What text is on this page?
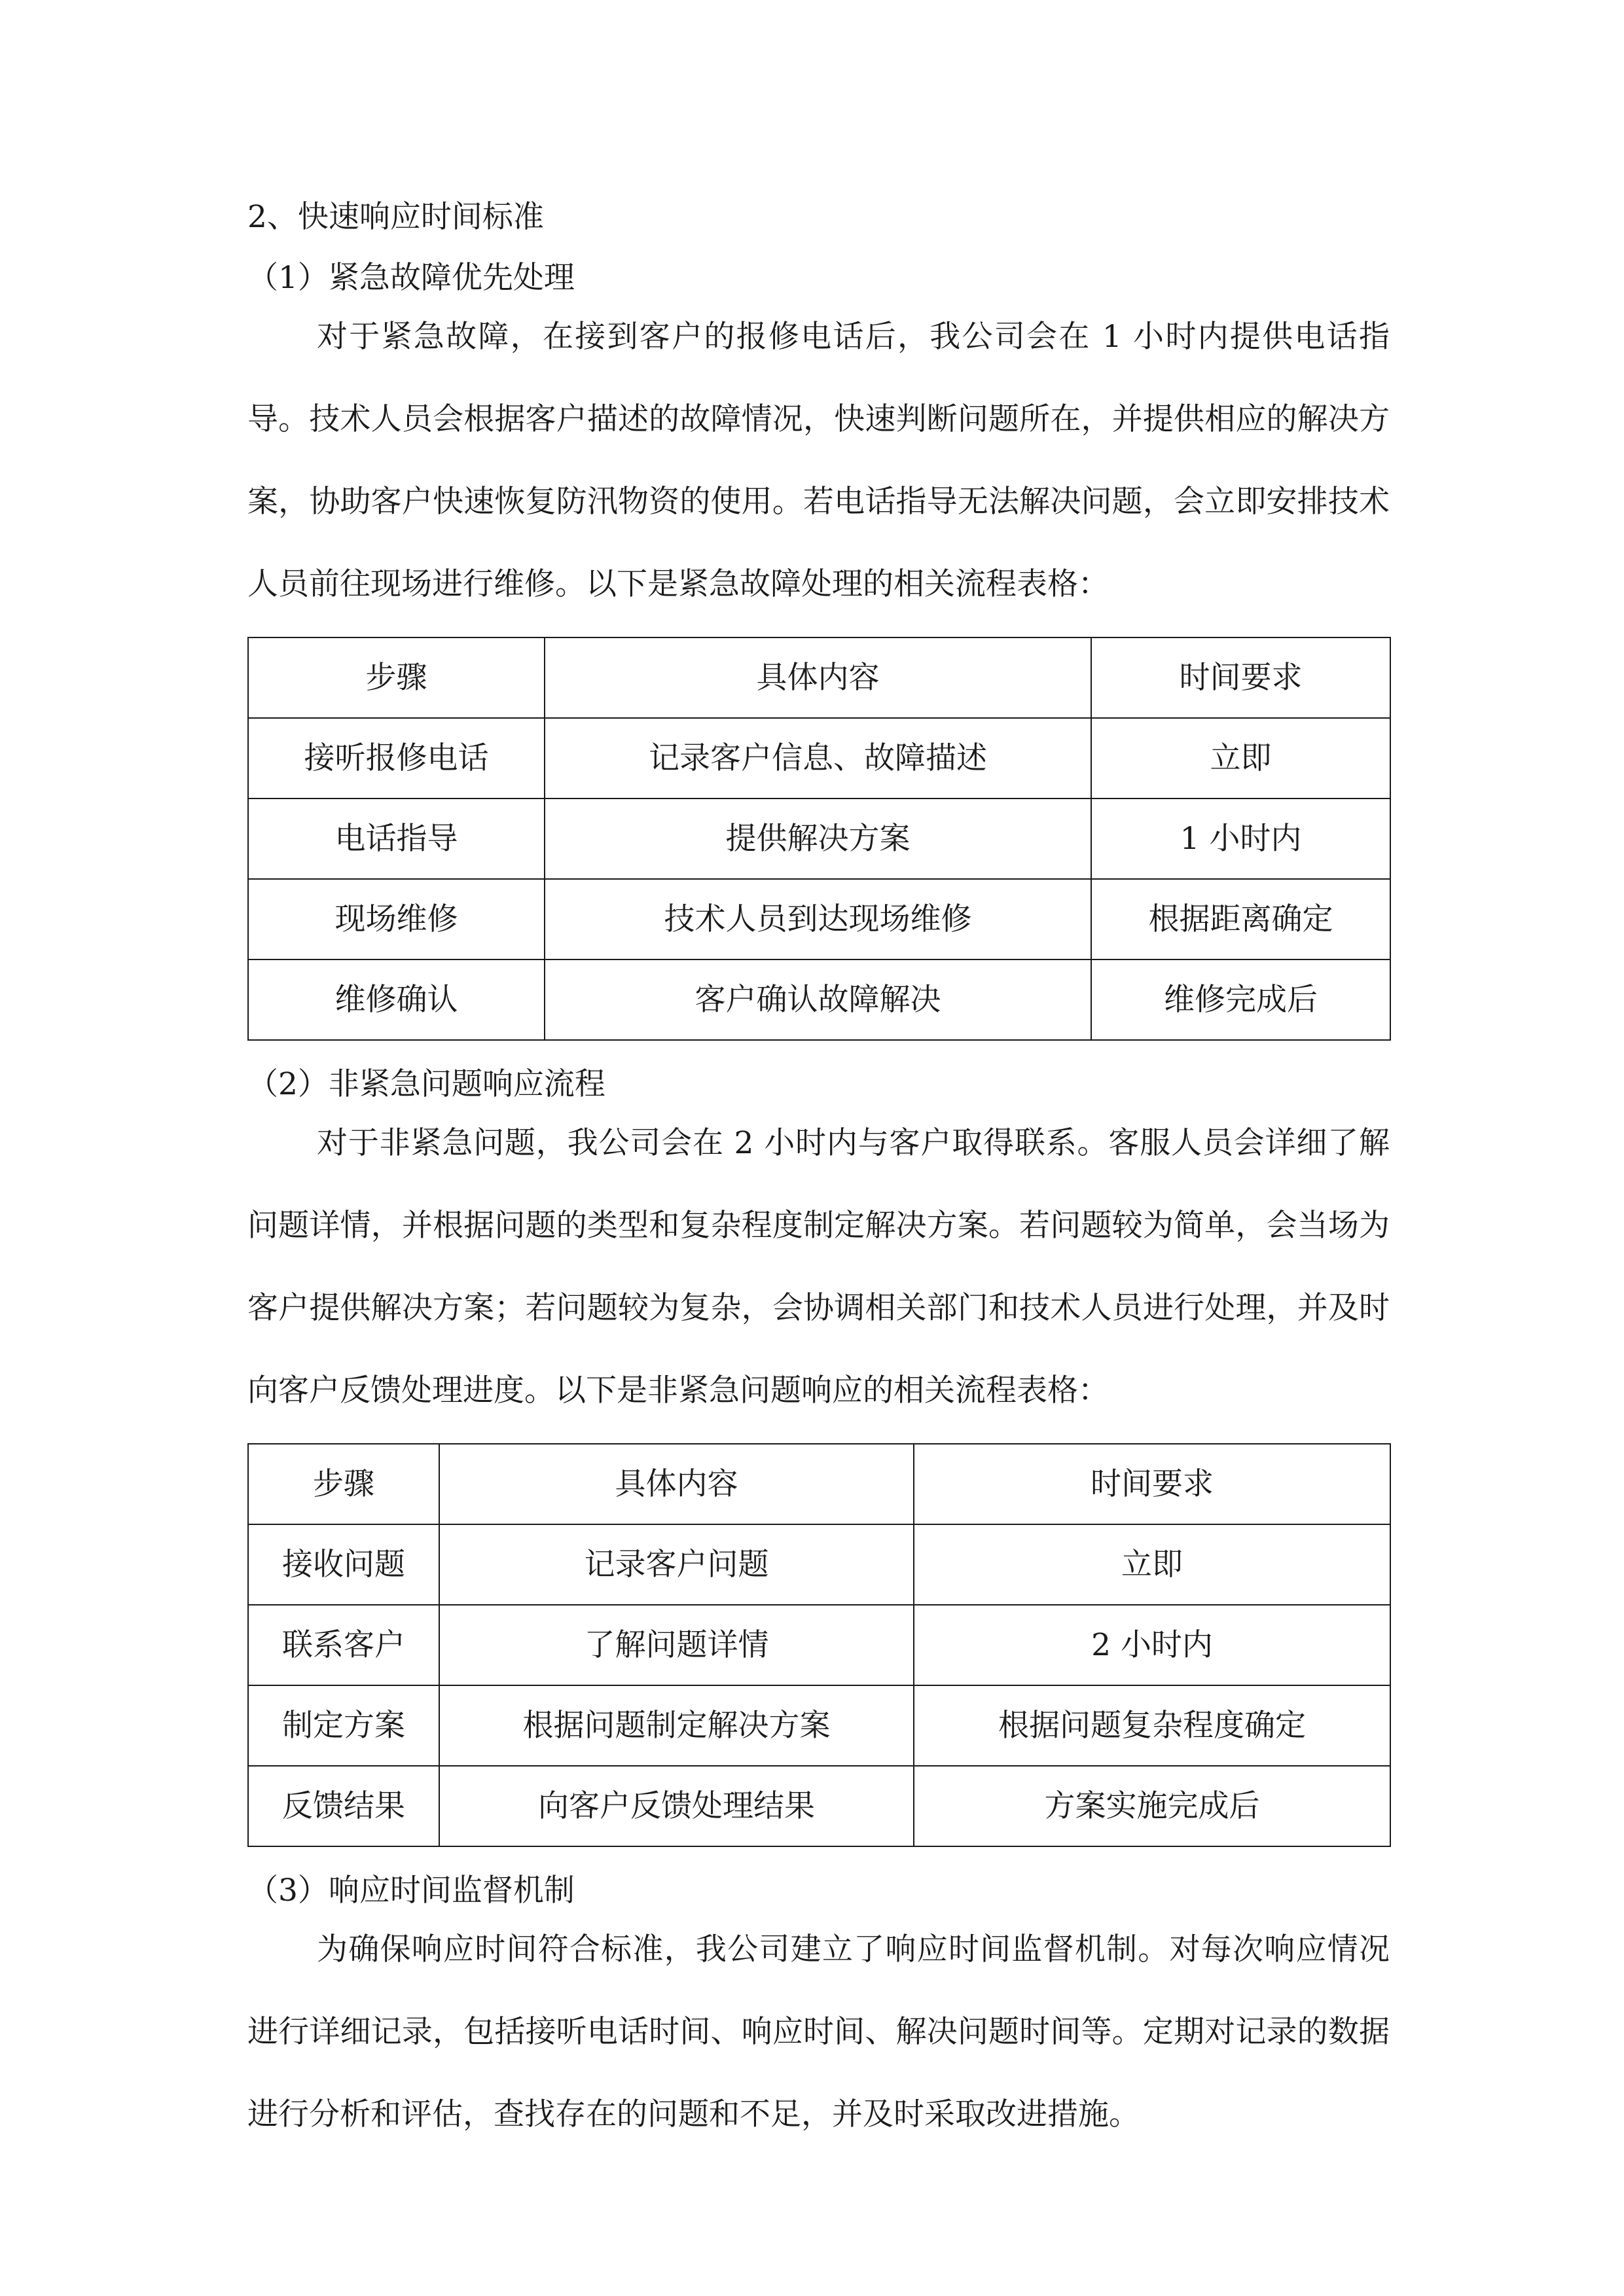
2、快速响应时间标准
（1）紧急故障优先处理

对于紧急故障，在接到客户的报修电话后，我公司会在 1 小时内提供电话指导。技术人员会根据客户描述的故障情况，快速判断问题所在，并提供相应的解决方案，协助客户快速恢复防汛物资的使用。若电话指导无法解决问题，会立即安排技术人员前往现场进行维修。以下是紧急故障处理的相关流程表格：

步骤	具体内容	时间要求
接听报修电话	记录客户信息、故障描述	立即
电话指导	提供解决方案	1 小时内
现场维修	技术人员到达现场维修	根据距离确定
维修确认	客户确认故障解决	维修完成后
（2）非紧急问题响应流程

对于非紧急问题，我公司会在 2 小时内与客户取得联系。客服人员会详细了解问题详情，并根据问题的类型和复杂程度制定解决方案。若问题较为简单，会当场为客户提供解决方案；若问题较为复杂，会协调相关部门和技术人员进行处理，并及时向客户反馈处理进度。以下是非紧急问题响应的相关流程表格：

步骤	具体内容	时间要求
接收问题	记录客户问题	立即
联系客户	了解问题详情	2 小时内
制定方案	根据问题制定解决方案	根据问题复杂程度确定
反馈结果	向客户反馈处理结果	方案实施完成后
（3）响应时间监督机制

为确保响应时间符合标准，我公司建立了响应时间监督机制。对每次响应情况进行详细记录，包括接听电话时间、响应时间、解决问题时间等。定期对记录的数据进行分析和评估，查找存在的问题和不足，并及时采取改进措施。
